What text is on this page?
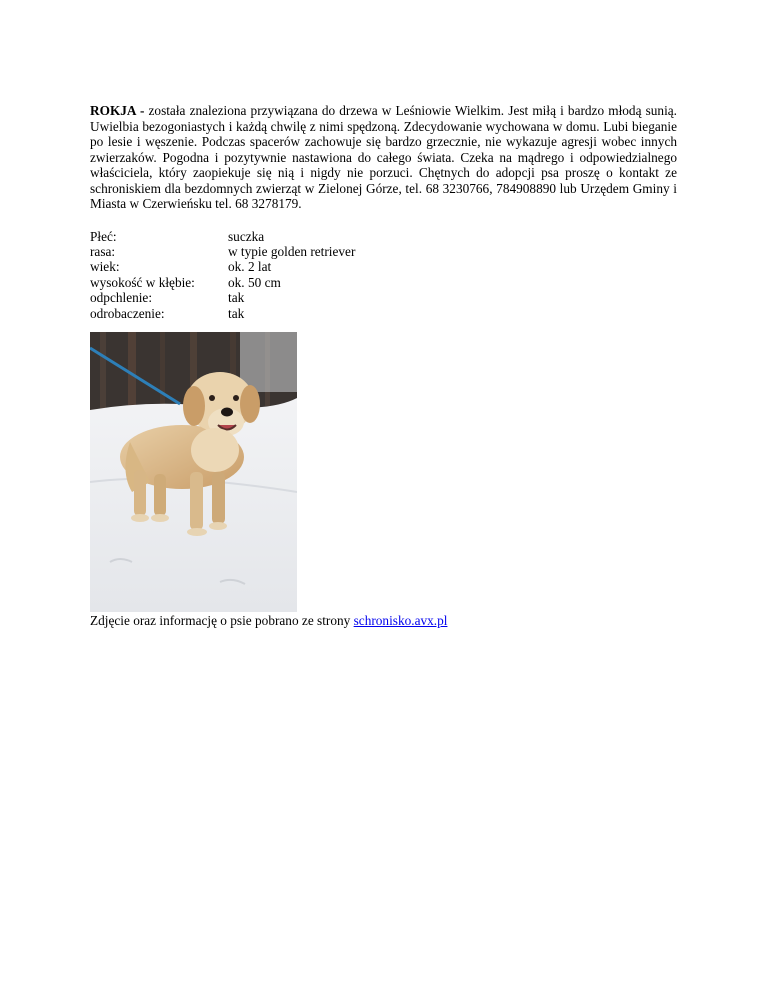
ROKJA - została znaleziona przywiązana do drzewa w Leśniowie Wielkim. Jest miłą i bardzo młodą sunią. Uwielbia bezogoniastych i każdą chwilę z nimi spędzoną. Zdecydowanie wychowana w domu. Lubi bieganie po lesie i węszenie. Podczas spacerów zachowuje się bardzo grzecznie, nie wykazuje agresji wobec innych zwierzaków. Pogodna i pozytywnie nastawiona do całego świata. Czeka na mądrego i odpowiedzialnego właściciela, który zaopiekuje się nią i nigdy nie porzuci. Chętnych do adopcji psa proszę o kontakt ze schroniskiem dla bezdomnych zwierząt w Zielonej Górze, tel. 68 3230766, 784908890 lub Urzędem Gminy i Miasta w Czerwieńsku tel. 68 3278179.

Płeć:	suczka
rasa:	w typie golden retriever
wiek:	ok. 2 lat
wysokość w kłębie:	ok. 50 cm
odpchlenie:	tak
odrobaczenie:	tak
Zdjęcie oraz informację o psie pobrano ze strony schronisko.avx.pl
